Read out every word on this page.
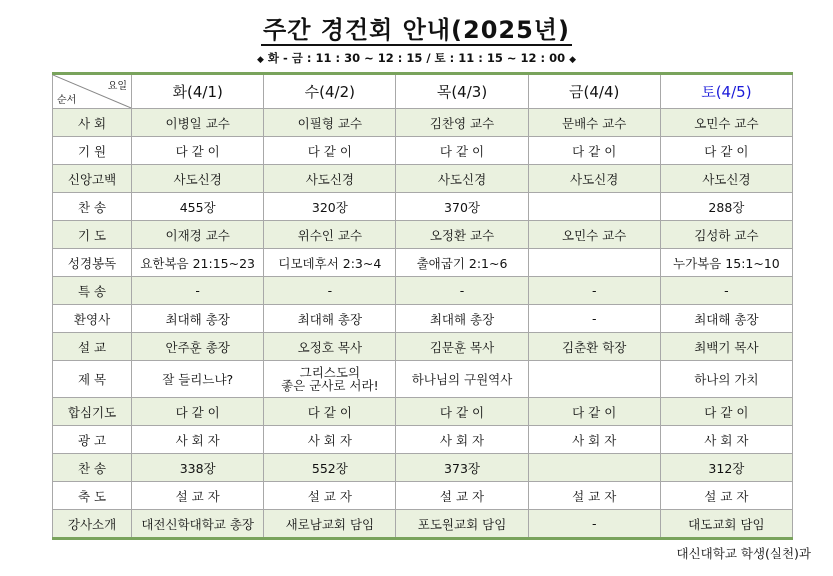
주간 경건회 안내(2025년)
◆ 화 - 금 : 11 : 30 ~ 12 : 15 / 토 : 11 : 15 ~ 12 : 00 ◆
요일
순서	화(4/1)	수(4/2)	목(4/3)	금(4/4)	토(4/5)
사 회	이병일 교수	이필형 교수	김찬영 교수	문배수 교수	오민수 교수
기 원	다 같 이	다 같 이	다 같 이	다 같 이	다 같 이
신앙고백	사도신경	사도신경	사도신경	사도신경	사도신경
찬 송	455장	320장	370장		288장
기 도	이재경 교수	위수인 교수	오정환 교수	오민수 교수	김성하 교수
성경봉독	요한복음 21:15~23	디모데후서 2:3~4	출애굽기 2:1~6		누가복음 15:1~10
특 송	-	-	-	-	-
환영사	최대해 총장	최대해 총장	최대해 총장	-	최대해 총장
설 교	안주훈 총장	오정호 목사	김문훈 목사	김춘환 학장	최백기 목사
제 목	잘 들리느냐?	그리스도의
좋은 군사로 서라!	하나님의 구원역사		하나의 가치
합심기도	다 같 이	다 같 이	다 같 이	다 같 이	다 같 이
광 고	사 회 자	사 회 자	사 회 자	사 회 자	사 회 자
찬 송	338장	552장	373장		312장
축 도	설 교 자	설 교 자	설 교 자	설 교 자	설 교 자
강사소개	대전신학대학교 총장	새로남교회 담임	포도원교회 담임	-	대도교회 담임
대신대학교 학생(실천)과
